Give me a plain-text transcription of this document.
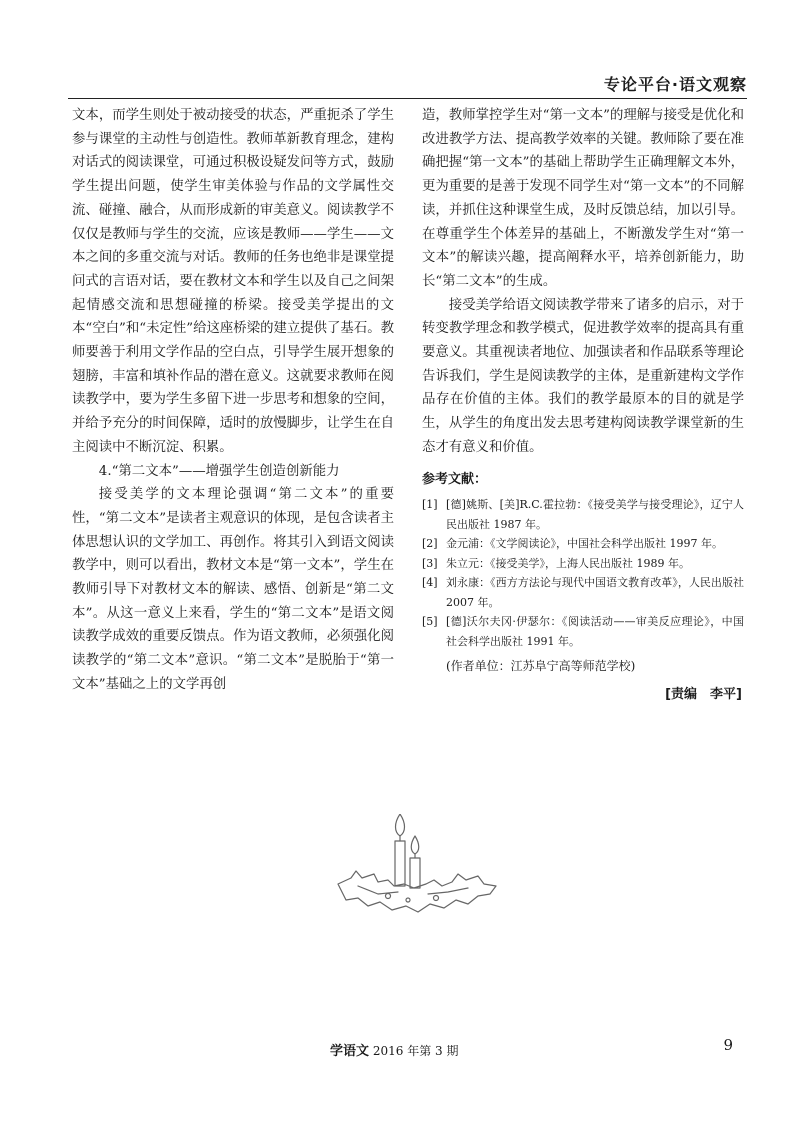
专论平台·语文观察

文本，而学生则处于被动接受的状态，严重扼杀了学生参与课堂的主动性与创造性。教师革新教育理念，建构对话式的阅读课堂，可通过积极设疑发问等方式，鼓励学生提出问题，使学生审美体验与作品的文学属性交流、碰撞、融合，从而形成新的审美意义。阅读教学不仅仅是教师与学生的交流，应该是教师——学生——文本之间的多重交流与对话。教师的任务也绝非是课堂提问式的言语对话，要在教材文本和学生以及自己之间架起情感交流和思想碰撞的桥梁。接受美学提出的文本“空白”和“未定性”给这座桥梁的建立提供了基石。教师要善于利用文学作品的空白点，引导学生展开想象的翅膀，丰富和填补作品的潜在意义。这就要求教师在阅读教学中，要为学生多留下进一步思考和想象的空间，并给予充分的时间保障，适时的放慢脚步，让学生在自主阅读中不断沉淀、积累。

4.“第二文本”——增强学生创造创新能力

接受美学的文本理论强调“第二文本”的重要性，“第二文本”是读者主观意识的体现，是包含读者主体思想认识的文学加工、再创作。将其引入到语文阅读教学中，则可以看出，教材文本是“第一文本”，学生在教师引导下对教材文本的解读、感悟、创新是“第二文本”。从这一意义上来看，学生的“第二文本”是语文阅读教学成效的重要反馈点。作为语文教师，必须强化阅读教学的“第二文本”意识。“第二文本”是脱胎于“第一文本”基础之上的文学再创

造，教师掌控学生对“第一文本”的理解与接受是优化和改进教学方法、提高教学效率的关键。教师除了要在准确把握“第一文本”的基础上帮助学生正确理解文本外，更为重要的是善于发现不同学生对“第一文本”的不同解读，并抓住这种课堂生成，及时反馈总结，加以引导。在尊重学生个体差异的基础上，不断激发学生对“第一文本”的解读兴趣，提高阐释水平，培养创新能力，助长“第二文本”的生成。

接受美学给语文阅读教学带来了诸多的启示，对于转变教学理念和教学模式，促进教学效率的提高具有重要意义。其重视读者地位、加强读者和作品联系等理论告诉我们，学生是阅读教学的主体，是重新建构文学作品存在价值的主体。我们的教学最原本的目的就是学生，从学生的角度出发去思考建构阅读教学课堂新的生态才有意义和价值。

参考文献：
[1] [德]姚斯、[美]R.C.霍拉勃：《接受美学与接受理论》，辽宁人民出版社 1987 年。
[2] 金元浦：《文学阅读论》，中国社会科学出版社 1997 年。
[3] 朱立元：《接受美学》，上海人民出版社 1989 年。
[4] 刘永康：《西方方法论与现代中国语文教育改革》，人民出版社 2007 年。
[5] [德]沃尔夫冈·伊瑟尔：《阅读活动——审美反应理论》，中国社会科学出版社 1991 年。
(作者单位：江苏阜宁高等师范学校)
[责编　李平]
学语文 2016 年第 3 期	9
